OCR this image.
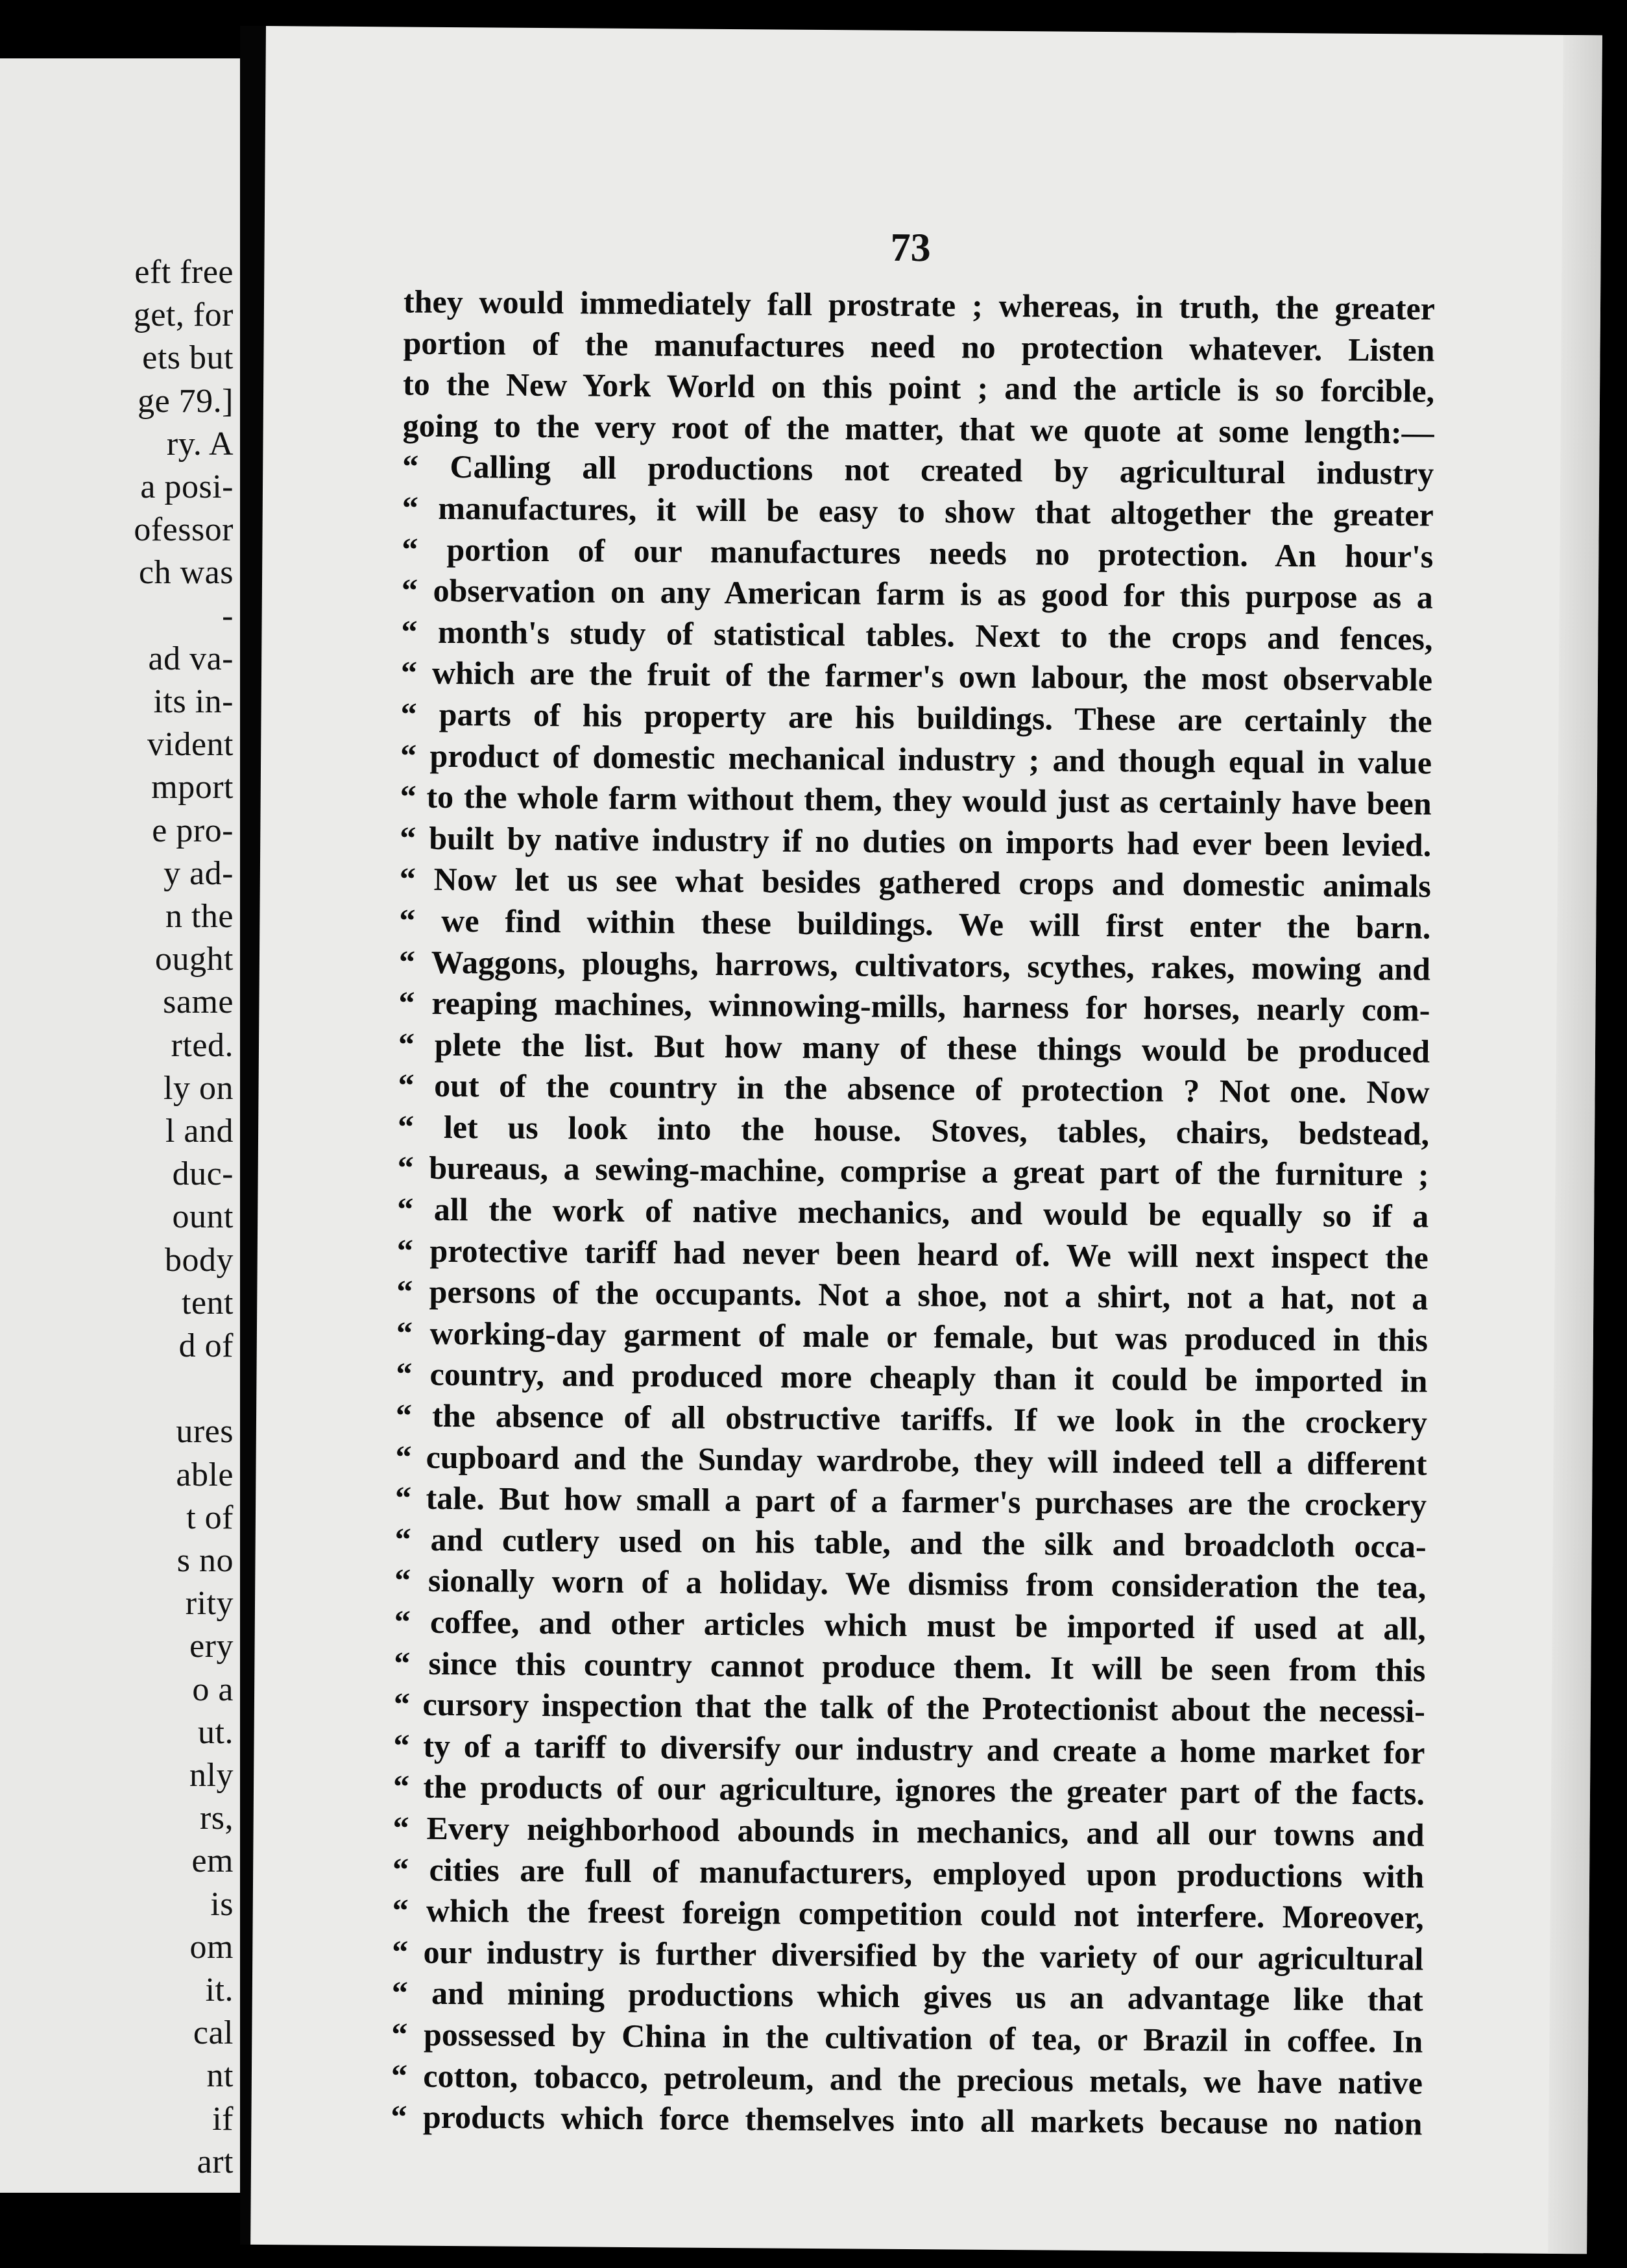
eft free
get, for
ets but
ge 79.]
ry. A
a posi-
ofessor
ch was
-
ad va-
its in-
vident
mport
e pro-
y ad-
n the
ought
same
rted.
ly on
l and
duc-
ount
body
tent
d of
ures
able
t of
s no
rity
ery
o a
ut.
nly
rs,
em
is
om
it.
cal
nt
if
art
73
they would immediately fall prostrate ; whereas, in truth, the greater
portion of the manufactures need no protection whatever. Listen
to the New York World on this point ; and the article is so forcible,
going to the very root of the matter, that we quote at some length:—
“ Calling all productions not created by agricultural industry
“ manufactures, it will be easy to show that altogether the greater
“ portion of our manufactures needs no protection. An hour's
“ observation on any American farm is as good for this purpose as a
“ month's study of statistical tables. Next to the crops and fences,
“ which are the fruit of the farmer's own labour, the most observable
“ parts of his property are his buildings. These are certainly the
“ product of domestic mechanical industry ; and though equal in value
“ to the whole farm without them, they would just as certainly have been
“ built by native industry if no duties on imports had ever been levied.
“ Now let us see what besides gathered crops and domestic animals
“ we find within these buildings. We will first enter the barn.
“ Waggons, ploughs, harrows, cultivators, scythes, rakes, mowing and
“ reaping machines, winnowing-mills, harness for horses, nearly com-
“ plete the list. But how many of these things would be produced
“ out of the country in the absence of protection ? Not one. Now
“ let us look into the house. Stoves, tables, chairs, bedstead,
“ bureaus, a sewing-machine, comprise a great part of the furniture ;
“ all the work of native mechanics, and would be equally so if a
“ protective tariff had never been heard of. We will next inspect the
“ persons of the occupants. Not a shoe, not a shirt, not a hat, not a
“ working-day garment of male or female, but was produced in this
“ country, and produced more cheaply than it could be imported in
“ the absence of all obstructive tariffs. If we look in the crockery
“ cupboard and the Sunday wardrobe, they will indeed tell a different
“ tale. But how small a part of a farmer's purchases are the crockery
“ and cutlery used on his table, and the silk and broadcloth occa-
“ sionally worn of a holiday. We dismiss from consideration the tea,
“ coffee, and other articles which must be imported if used at all,
“ since this country cannot produce them. It will be seen from this
“ cursory inspection that the talk of the Protectionist about the necessi-
“ ty of a tariff to diversify our industry and create a home market for
“ the products of our agriculture, ignores the greater part of the facts.
“ Every neighborhood abounds in mechanics, and all our towns and
“ cities are full of manufacturers, employed upon productions with
“ which the freest foreign competition could not interfere. Moreover,
“ our industry is further diversified by the variety of our agricultural
“ and mining productions which gives us an advantage like that
“ possessed by China in the cultivation of tea, or Brazil in coffee. In
“ cotton, tobacco, petroleum, and the precious metals, we have native
“ products which force themselves into all markets because no nation
